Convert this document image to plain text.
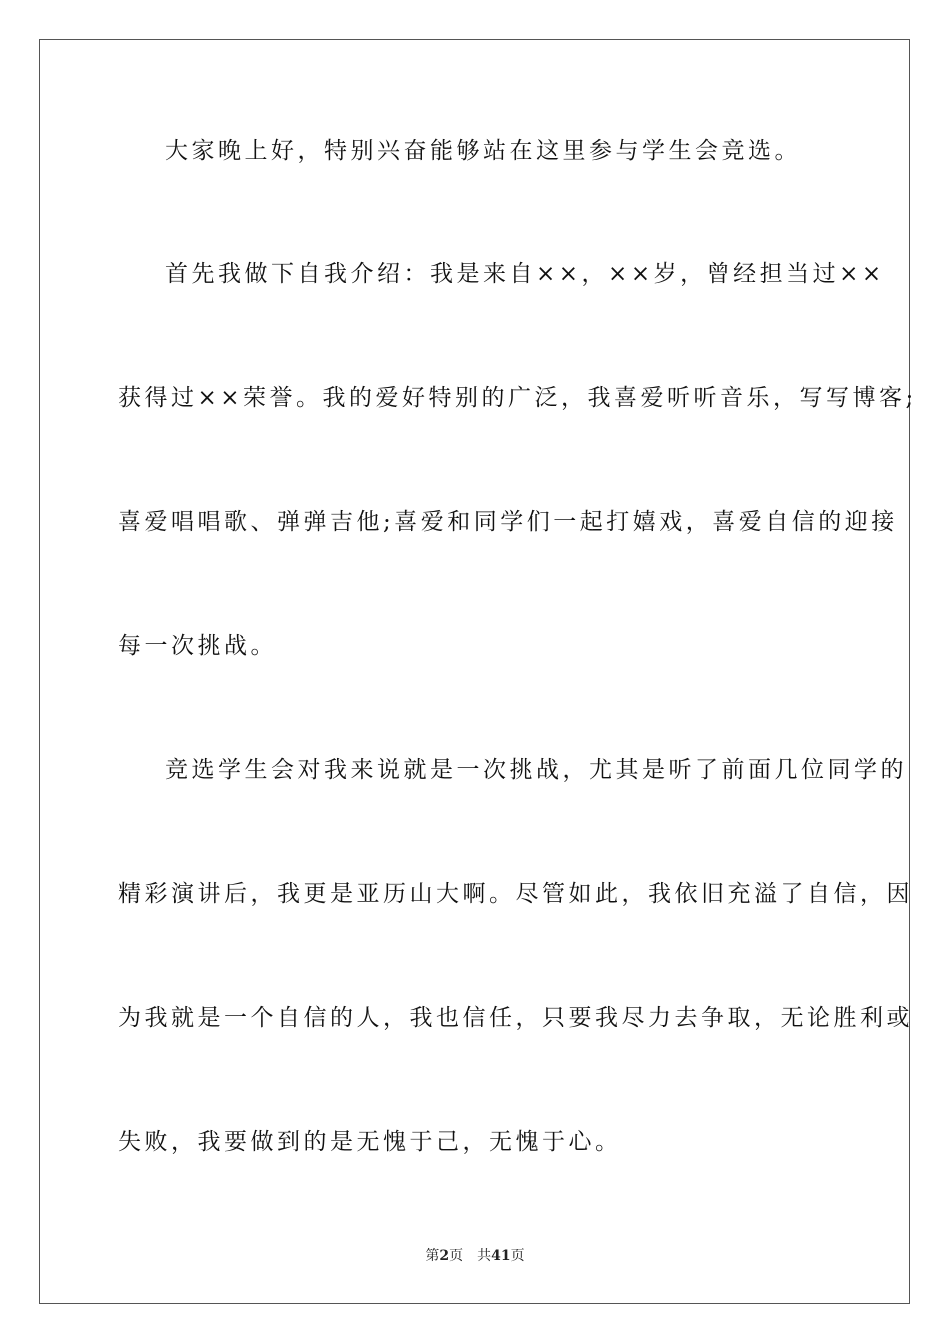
大家晚上好，特别兴奋能够站在这里参与学生会竞选。
首先我做下自我介绍：我是来自××，××岁，曾经担当过××
获得过××荣誉。我的爱好特别的广泛，我喜爱听听音乐，写写博客;
喜爱唱唱歌、弹弹吉他;喜爱和同学们一起打嬉戏，喜爱自信的迎接
每一次挑战。
竞选学生会对我来说就是一次挑战，尤其是听了前面几位同学的
精彩演讲后，我更是亚历山大啊。尽管如此，我依旧充溢了自信，因
为我就是一个自信的人，我也信任，只要我尽力去争取，无论胜利或
失败，我要做到的是无愧于己，无愧于心。
第2页 共41页
